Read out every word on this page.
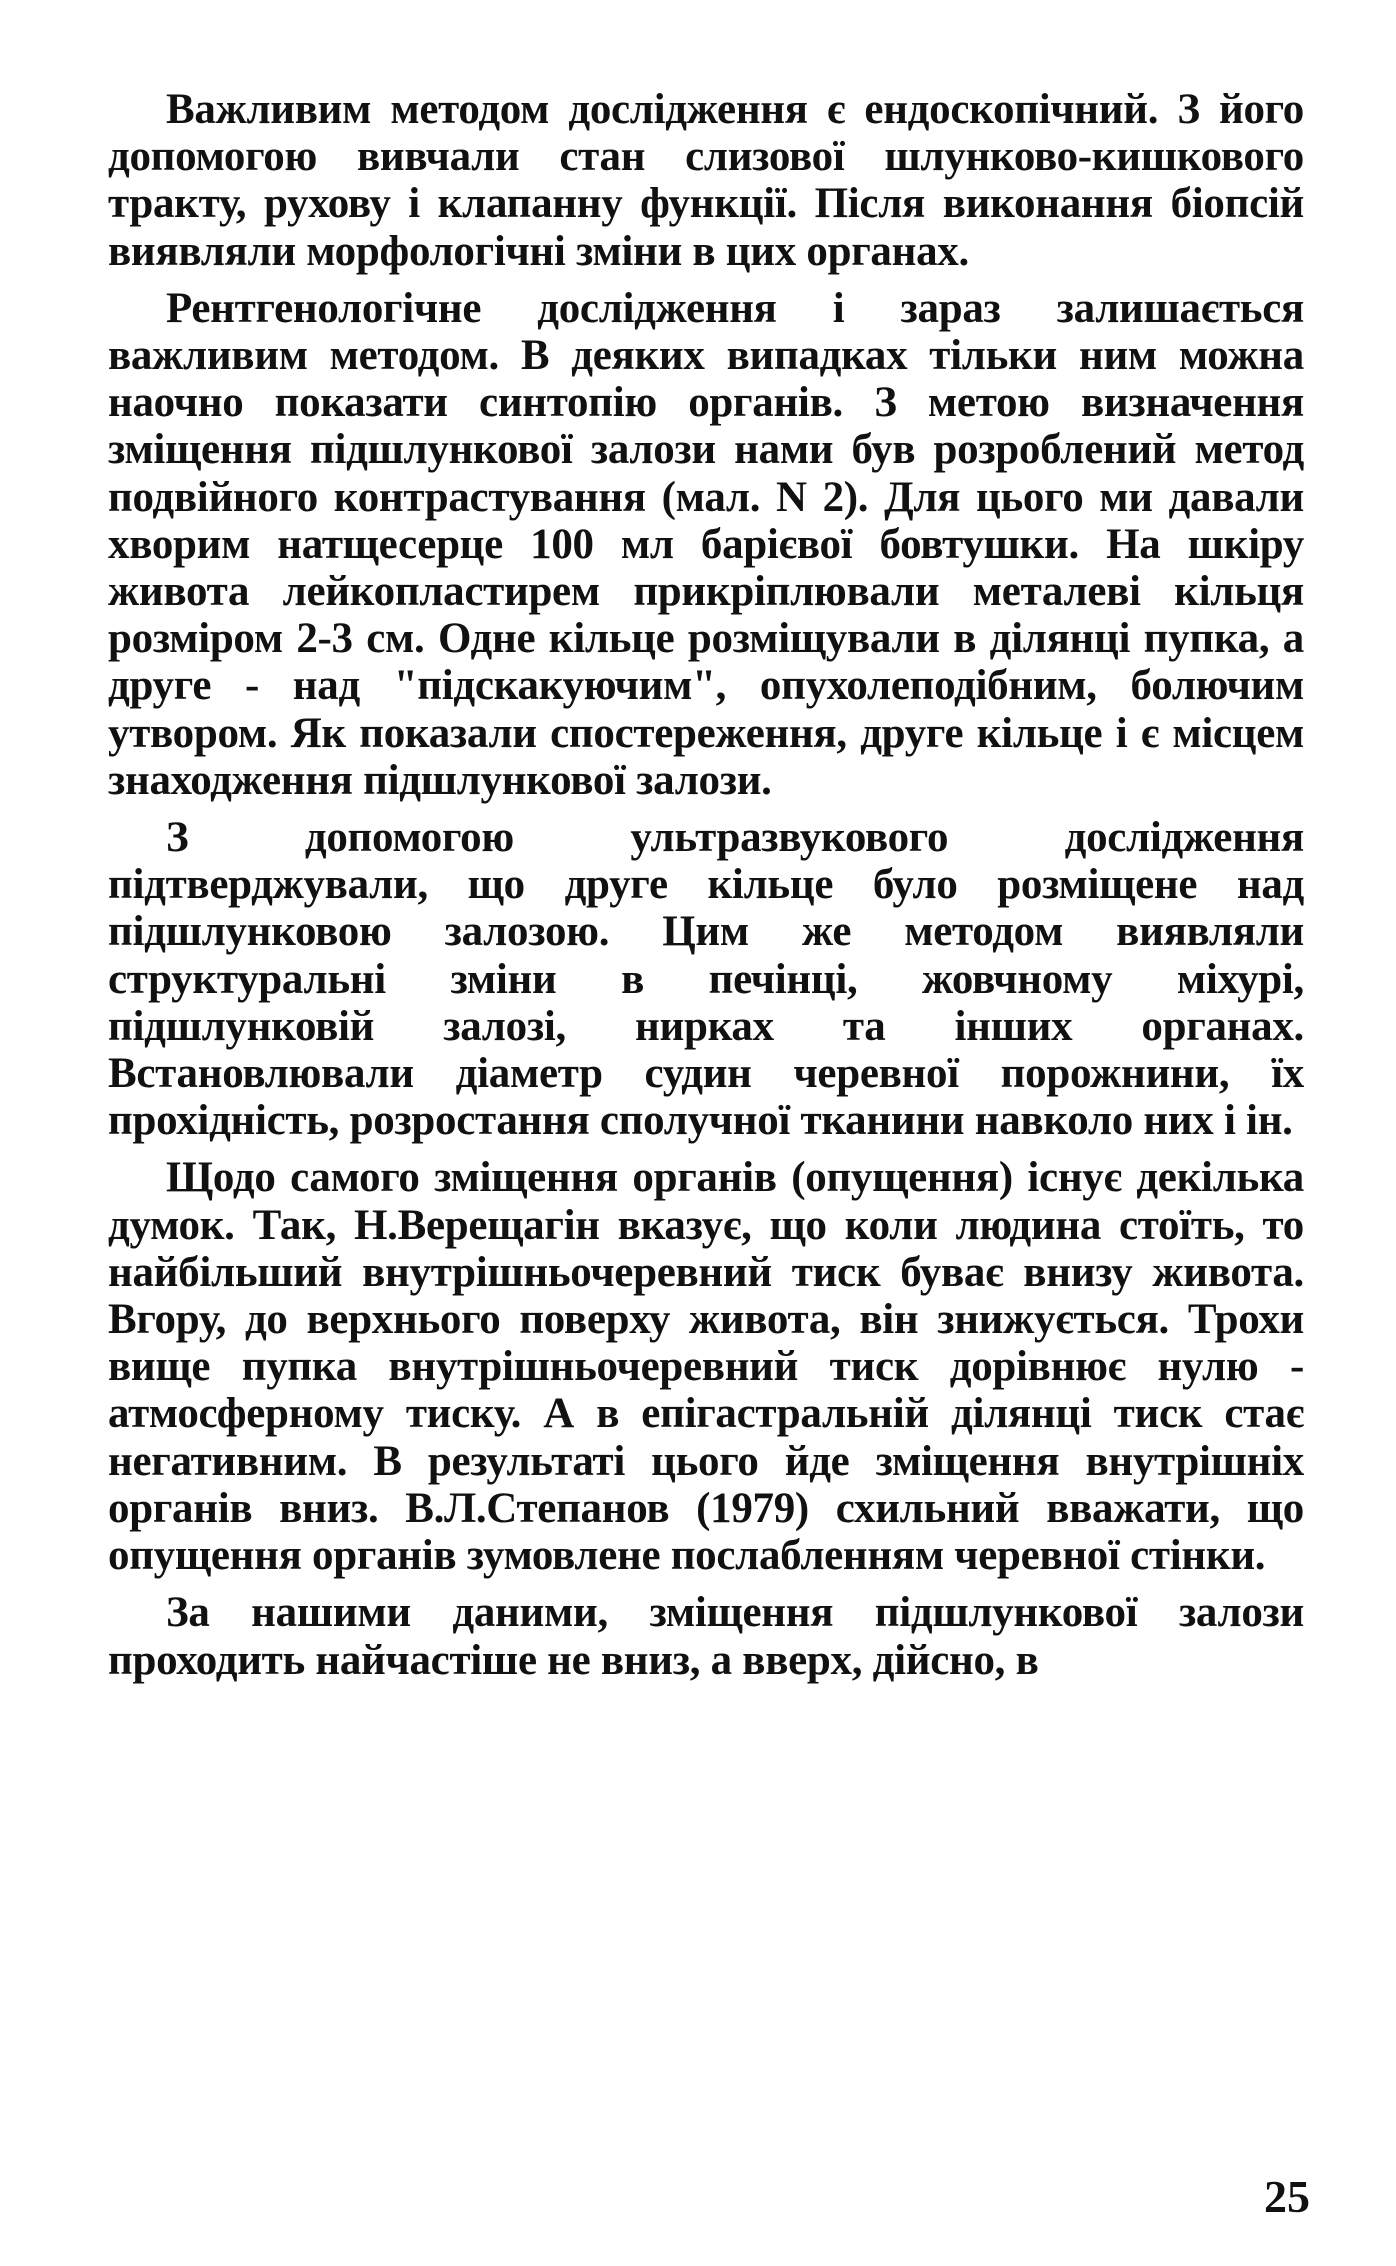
Важливим методом дослідження є ендоскопічний. З його допомогою вивчали стан слизової шлунково-кишкового тракту, рухову і клапанну функції. Після виконання біопсій виявляли морфологічні зміни в цих органах.

Рентгенологічне дослідження і зараз залишається важливим методом. В деяких випадках тільки ним можна наочно показати синтопію органів. З метою визначення зміщення підшлункової залози нами був розроблений метод подвійного контрастування (мал. N 2). Для цього ми давали хворим натщесерце 100 мл барієвої бовтушки. На шкіру живота лейкопластирем прикріплювали металеві кільця розміром 2-3 см. Одне кільце розміщували в ділянці пупка, а друге - над "підскакуючим", опухолеподібним, болючим утвором. Як показали спостереження, друге кільце і є місцем знаходження підшлункової залози.

З допомогою ультразвукового дослідження підтверджували, що друге кільце було розміщене над підшлунковою залозою. Цим же методом виявляли структуральні зміни в печінці, жовчному міхурі, підшлунковій залозі, нирках та інших органах. Встановлювали діаметр судин черевної порожнини, їх прохідність, розростання сполучної тканини навколо них і ін.

Щодо самого зміщення органів (опущення) існує декілька думок. Так, Н.Верещагін вказує, що коли людина стоїть, то найбільший внутрішньочеревний тиск буває внизу живота. Вгору, до верхнього поверху живота, він знижується. Трохи вище пупка внутрішньочеревний тиск дорівнює нулю - атмосферному тиску. А в епігастральній ділянці тиск стає негативним. В результаті цього йде зміщення внутрішніх органів вниз. В.Л.Степанов (1979) схильний вважати, що опущення органів зумовлене послабленням черевної стінки.

За нашими даними, зміщення підшлункової залози проходить найчастіше не вниз, а вверх, дійсно, в

25
